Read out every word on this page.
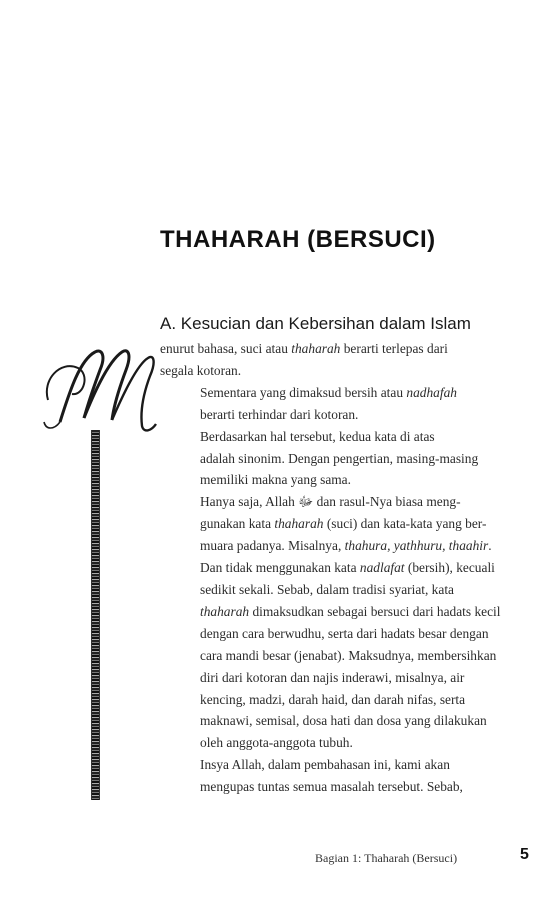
THAHARAH (BERSUCI)
A. Kesucian dan Kebersihan dalam Islam
M
enurut bahasa, suci atau thaharah berarti terlepas dari
segala kotoran.
Sementara yang dimaksud bersih atau nadhafah
berarti terhindar dari kotoran.
Berdasarkan hal tersebut, kedua kata di atas
adalah sinonim. Dengan pengertian, masing-masing
memiliki makna yang sama.
Hanya saja, Allah ﷻ dan rasul-Nya biasa meng-
gunakan kata thaharah (suci) dan kata-kata yang ber-
muara padanya. Misalnya, thahura, yathhuru, thaahir.
Dan tidak menggunakan kata nadlafat (bersih), kecuali
sedikit sekali. Sebab, dalam tradisi syariat, kata
thaharah dimaksudkan sebagai bersuci dari hadats kecil
dengan cara berwudhu, serta dari hadats besar dengan
cara mandi besar (jenabat). Maksudnya, membersihkan
diri dari kotoran dan najis inderawi, misalnya, air
kencing, madzi, darah haid, dan darah nifas, serta
maknawi, semisal, dosa hati dan dosa yang dilakukan
oleh anggota-anggota tubuh.
Insya Allah, dalam pembahasan ini, kami akan
mengupas tuntas semua masalah tersebut. Sebab,
Bagian 1: Thaharah (Bersuci)	5
